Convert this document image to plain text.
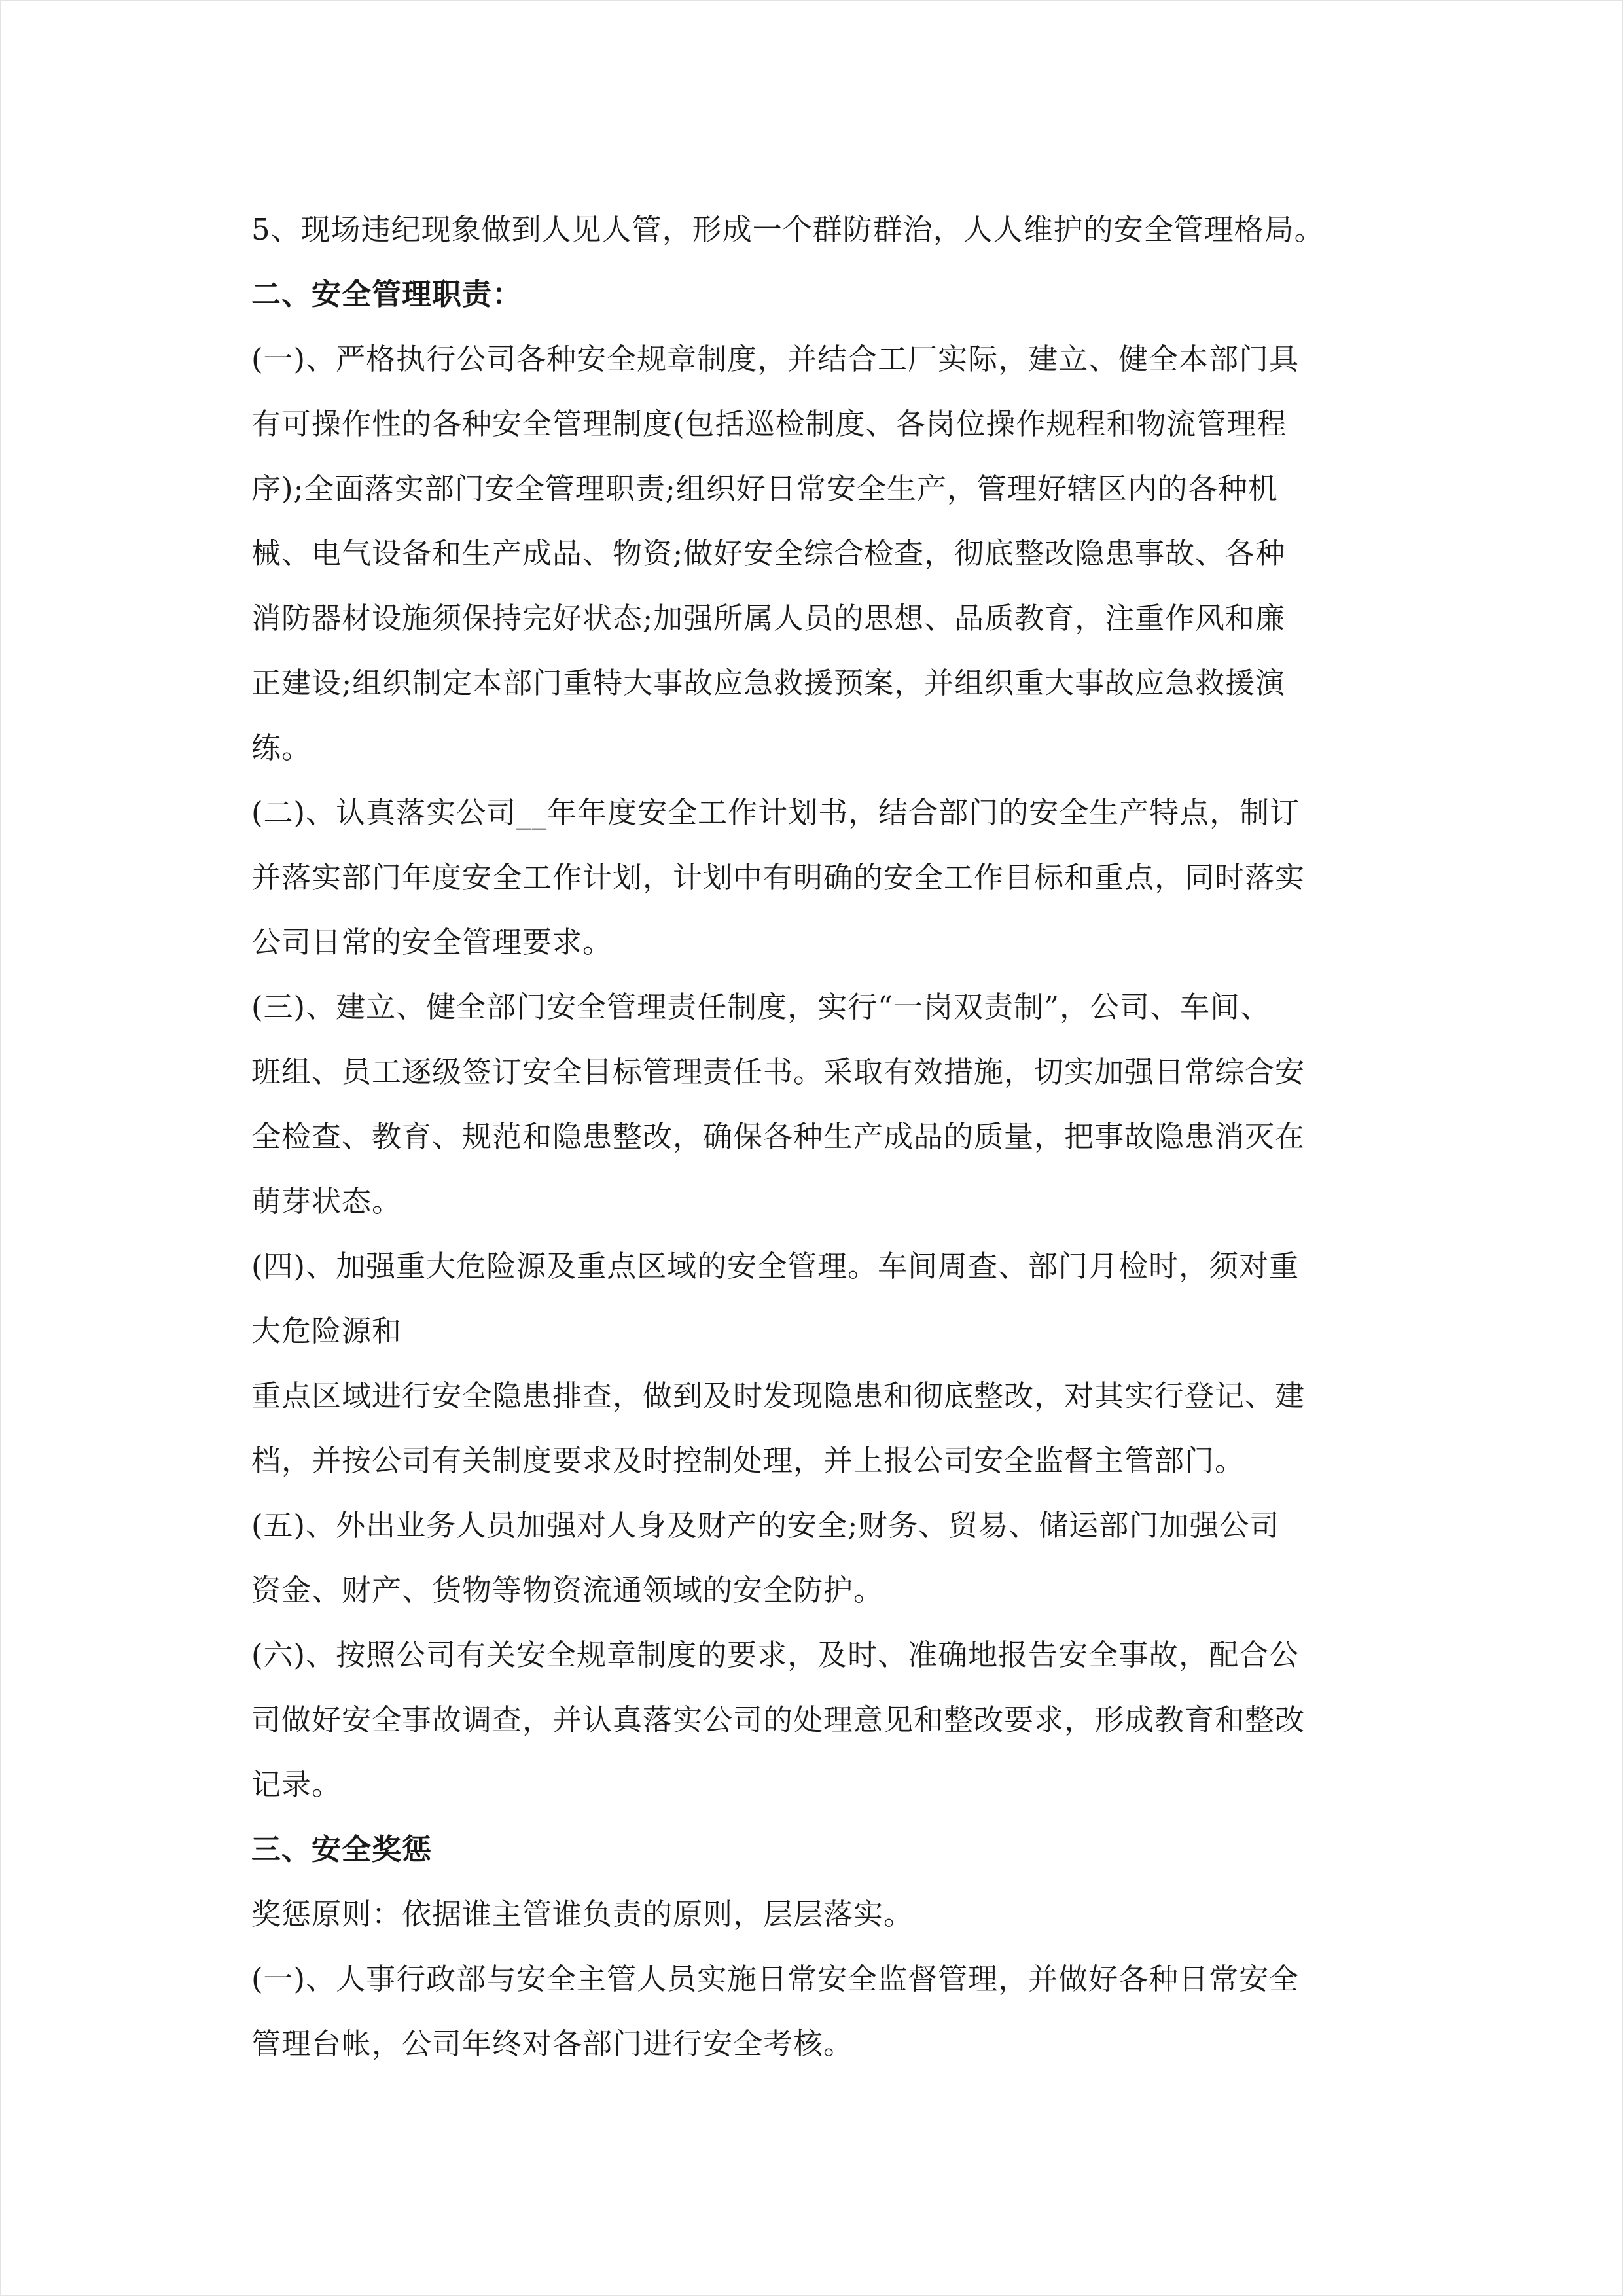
5、现场违纪现象做到人见人管，形成一个群防群治，人人维护的安全管理格局。
二、安全管理职责：
(一)、严格执行公司各种安全规章制度，并结合工厂实际，建立、健全本部门具
有可操作性的各种安全管理制度(包括巡检制度、各岗位操作规程和物流管理程
序);全面落实部门安全管理职责;组织好日常安全生产，管理好辖区内的各种机
械、电气设备和生产成品、物资;做好安全综合检查，彻底整改隐患事故、各种
消防器材设施须保持完好状态;加强所属人员的思想、品质教育，注重作风和廉
正建设;组织制定本部门重特大事故应急救援预案，并组织重大事故应急救援演
练。
(二)、认真落实公司__年年度安全工作计划书，结合部门的安全生产特点，制订
并落实部门年度安全工作计划，计划中有明确的安全工作目标和重点，同时落实
公司日常的安全管理要求。
(三)、建立、健全部门安全管理责任制度，实行“一岗双责制”，公司、车间、
班组、员工逐级签订安全目标管理责任书。采取有效措施，切实加强日常综合安
全检查、教育、规范和隐患整改，确保各种生产成品的质量，把事故隐患消灭在
萌芽状态。
(四)、加强重大危险源及重点区域的安全管理。车间周查、部门月检时，须对重
大危险源和
重点区域进行安全隐患排查，做到及时发现隐患和彻底整改，对其实行登记、建
档，并按公司有关制度要求及时控制处理，并上报公司安全监督主管部门。
(五)、外出业务人员加强对人身及财产的安全;财务、贸易、储运部门加强公司
资金、财产、货物等物资流通领域的安全防护。
(六)、按照公司有关安全规章制度的要求，及时、准确地报告安全事故，配合公
司做好安全事故调查，并认真落实公司的处理意见和整改要求，形成教育和整改
记录。
三、安全奖惩
奖惩原则：依据谁主管谁负责的原则，层层落实。
(一)、人事行政部与安全主管人员实施日常安全监督管理，并做好各种日常安全
管理台帐，公司年终对各部门进行安全考核。
